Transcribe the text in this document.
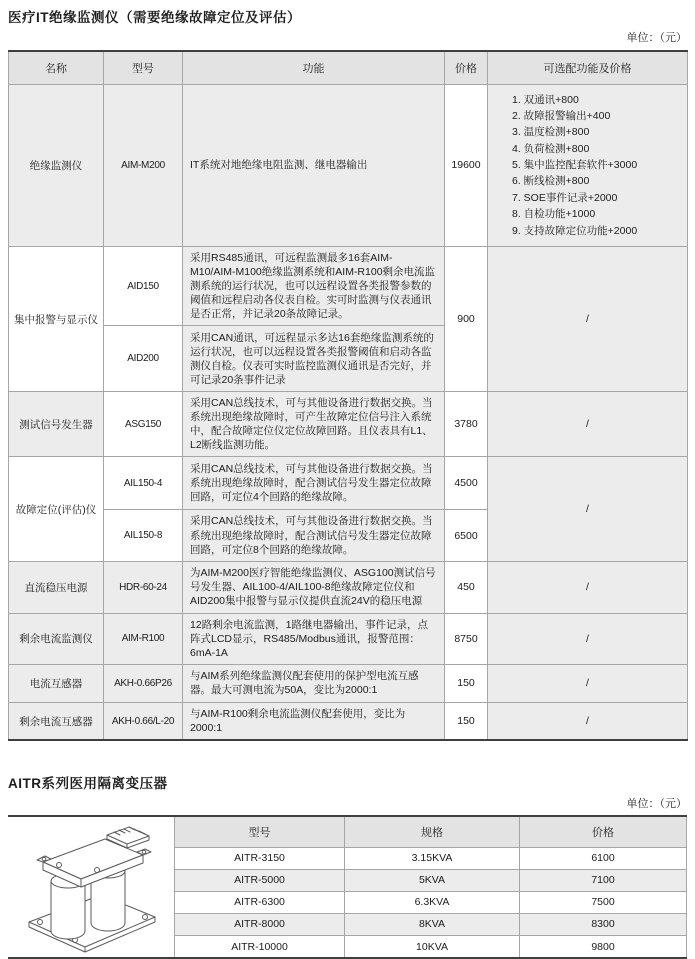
医疗IT绝缘监测仪（需要绝缘故障定位及评估）
单位：（元）
名称	型号	功能	价格	可选配功能及价格
绝缘监测仪	AIM-M200	IT系统对地绝缘电阻监测、继电器输出	19600	
1. 双通讯+800
2. 故障报警输出+400
3. 温度检测+800
4. 负荷检测+800
5. 集中监控配套软件+3000
6. 断线检测+800
7. SOE事件记录+2000
8. 自检功能+1000
9. 支持故障定位功能+2000

集中报警与显示仪	AID150	采用RS485通讯，可远程监测最多16套AIM-M10/AIM-M100绝缘监测系统和AIM-R100剩余电流监测系统的运行状况，也可以远程设置各类报警参数的阈值和远程启动各仪表自检。实可时监测与仪表通讯是否正常，并记录20条故障记录。	900	/
	AID200	采用CAN通讯，可远程显示多达16套绝缘监测系统的运行状况，也可以远程设置各类报警阈值和启动各监测仪自检。仪表可实时监控监测仪通讯是否完好，并可记录20条事件记录		
测试信号发生器	ASG150	采用CAN总线技术，可与其他设备进行数据交换。当系统出现绝缘故障时，可产生故障定位信号注入系统中，配合故障定位仪定位故障回路。且仪表具有L1、L2断线监测功能。	3780	/
故障定位(评估)仪	AIL150-4	采用CAN总线技术，可与其他设备进行数据交换。当系统出现绝缘故障时，配合测试信号发生器定位故障回路，可定位4个回路的绝缘故障。	4500	/
	AIL150-8	采用CAN总线技术，可与其他设备进行数据交换。当系统出现绝缘故障时，配合测试信号发生器定位故障回路，可定位8个回路的绝缘故障。	6500	
直流稳压电源	HDR-60-24	为AIM-M200医疗智能绝缘监测仪、ASG100测试信号号发生器、AIL100-4/AIL100-8绝缘故障定位仪和AID200集中报警与显示仪提供直流24V的稳压电源	450	/
剩余电流监测仪	AIM-R100	12路剩余电流监测，1路继电器输出，事件记录，点阵式LCD显示，RS485/Modbus通讯，报警范围：6mA-1A	8750	/
电流互感器	AKH-0.66P26	与AIM系列绝缘监测仪配套使用的保护型电流互感器。最大可测电流为50A，变比为2000:1	150	/
剩余电流互感器	AKH-0.66/L-20	与AIM-R100剩余电流监测仪配套使用，变比为2000:1	150	/
AITR系列医用隔离变压器
单位：（元）
型号	规格	价格
AITR-3150	3.15KVA	6100
AITR-5000	5KVA	7100
AITR-6300	6.3KVA	7500
AITR-8000	8KVA	8300
AITR-10000	10KVA	9800
